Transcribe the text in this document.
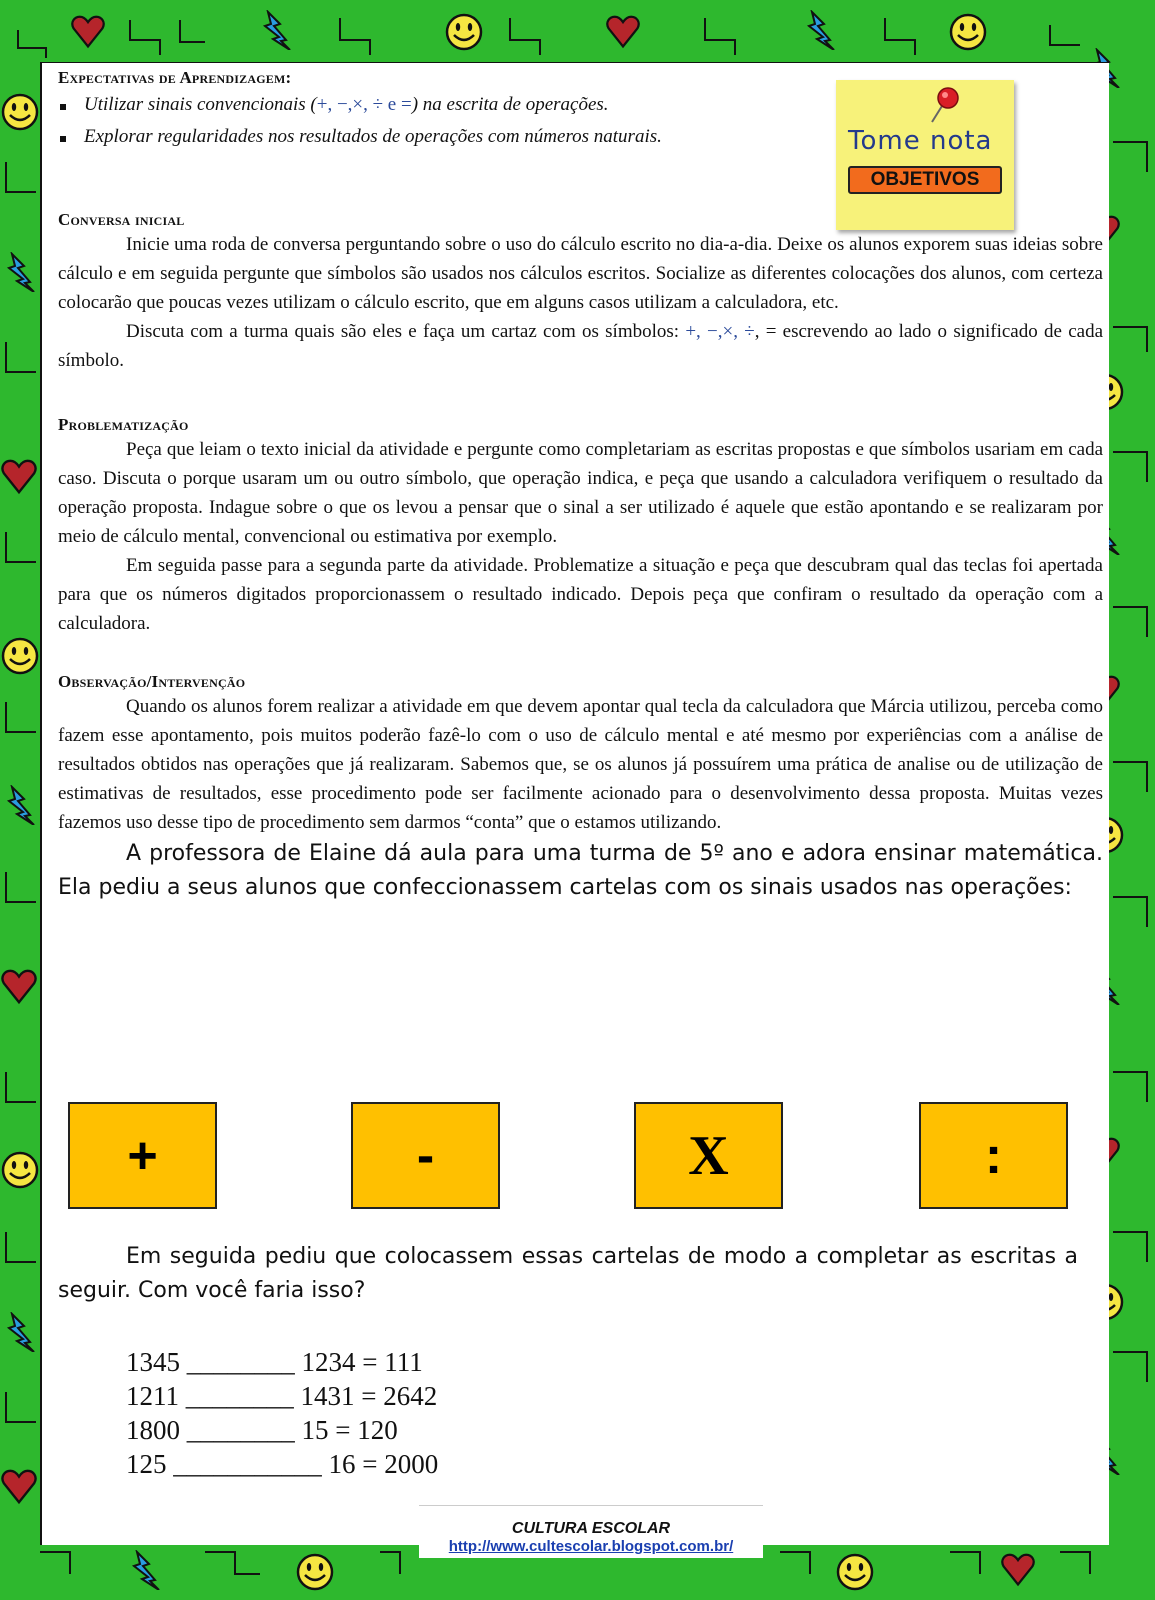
Tome nota
OBJETIVOS
Expectativas de Aprendizagem:
Utilizar sinais convencionais (+, −,×, ÷ e =) na escrita de operações.
Explorar regularidades nos resultados de operações com números naturais.
Conversa inicial

Inicie uma roda de conversa perguntando sobre o uso do cálculo escrito no dia-a-dia. Deixe os alunos exporem suas ideias sobre cálculo e em seguida pergunte que símbolos são usados nos cálculos escritos. Socialize as diferentes colocações dos alunos, com certeza colocarão que poucas vezes utilizam o cálculo escrito, que em alguns casos utilizam a calculadora, etc.

Discuta com a turma quais são eles e faça um cartaz com os símbolos: +, −,×, ÷, = escrevendo ao lado o significado de cada símbolo.

Problematização

Peça que leiam o texto inicial da atividade e pergunte como completariam as escritas propostas e que símbolos usariam em cada caso. Discuta o porque usaram um ou outro símbolo, que operação indica, e peça que usando a calculadora verifiquem o resultado da operação proposta. Indague sobre o que os levou a pensar que o sinal a ser utilizado é aquele que estão apontando e se realizaram por meio de cálculo mental, convencional ou estimativa por exemplo.

Em seguida passe para a segunda parte da atividade. Problematize a situação e peça que descubram qual das teclas foi apertada para que os números digitados proporcionassem o resultado indicado. Depois peça que confiram o resultado da operação com a calculadora.

Observação/Intervenção

Quando os alunos forem realizar a atividade em que devem apontar qual tecla da calculadora que Márcia utilizou, perceba como fazem esse apontamento, pois muitos poderão fazê-lo com o uso de cálculo mental e até mesmo por experiências com a análise de resultados obtidos nas operações que já realizaram. Sabemos que, se os alunos já possuírem uma prática de analise ou de utilização de estimativas de resultados, esse procedimento pode ser facilmente acionado para o desenvolvimento dessa proposta. Muitas vezes fazemos uso desse tipo de procedimento sem darmos “conta” que o estamos utilizando.

A professora de Elaine dá aula para uma turma de 5º ano e adora ensinar matemática. Ela pediu a seus alunos que confeccionassem cartelas com os sinais usados nas operações:

+	-	X	:

Em seguida pediu que colocassem essas cartelas de modo a completar as escritas a seguir. Com você faria isso?

1345 ________ 1234 = 111
1211 ________ 1431 = 2642
1800 ________ 15 = 120
125 ___________ 16 = 2000
CULTURA ESCOLAR
http://www.cultescolar.blogspot.com.br/
